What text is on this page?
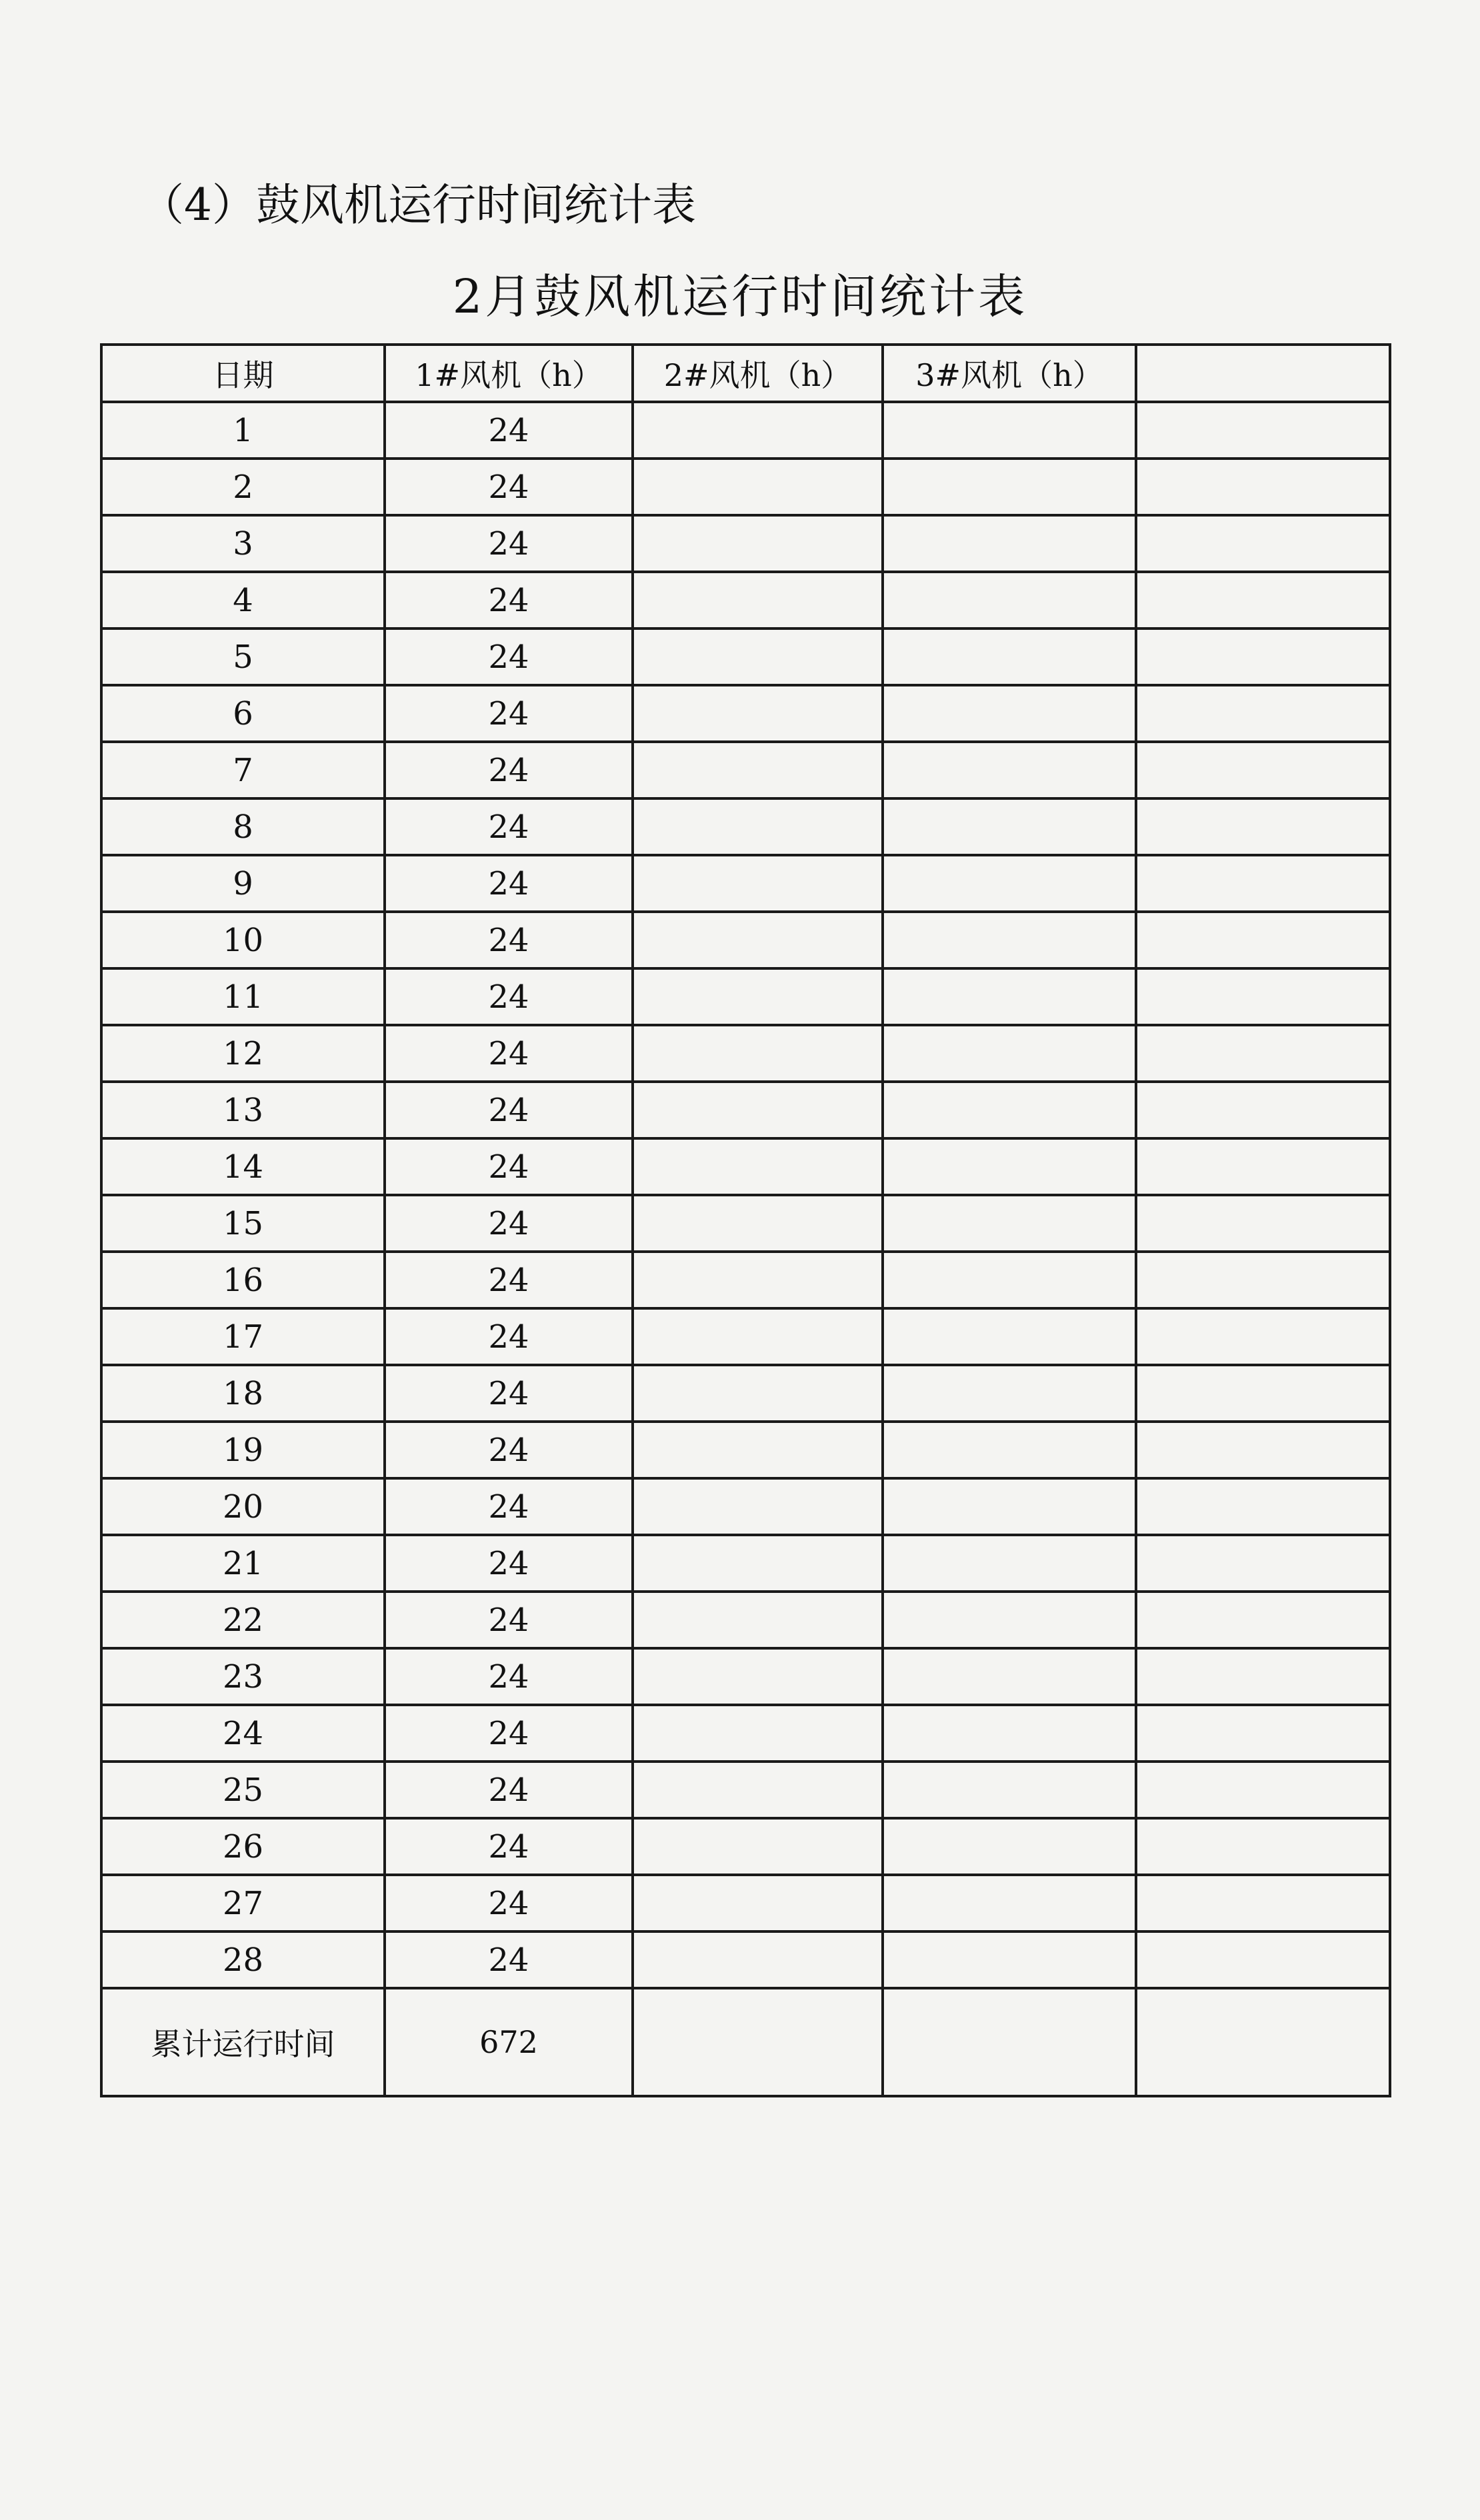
（4）鼓风机运行时间统计表
2月鼓风机运行时间统计表
日期	1#风机（h）	2#风机（h）	3#风机（h）	
1	24			
2	24			
3	24			
4	24			
5	24			
6	24			
7	24			
8	24			
9	24			
10	24			
11	24			
12	24			
13	24			
14	24			
15	24			
16	24			
17	24			
18	24			
19	24			
20	24			
21	24			
22	24			
23	24			
24	24			
25	24			
26	24			
27	24			
28	24			
累计运行时间	672			
